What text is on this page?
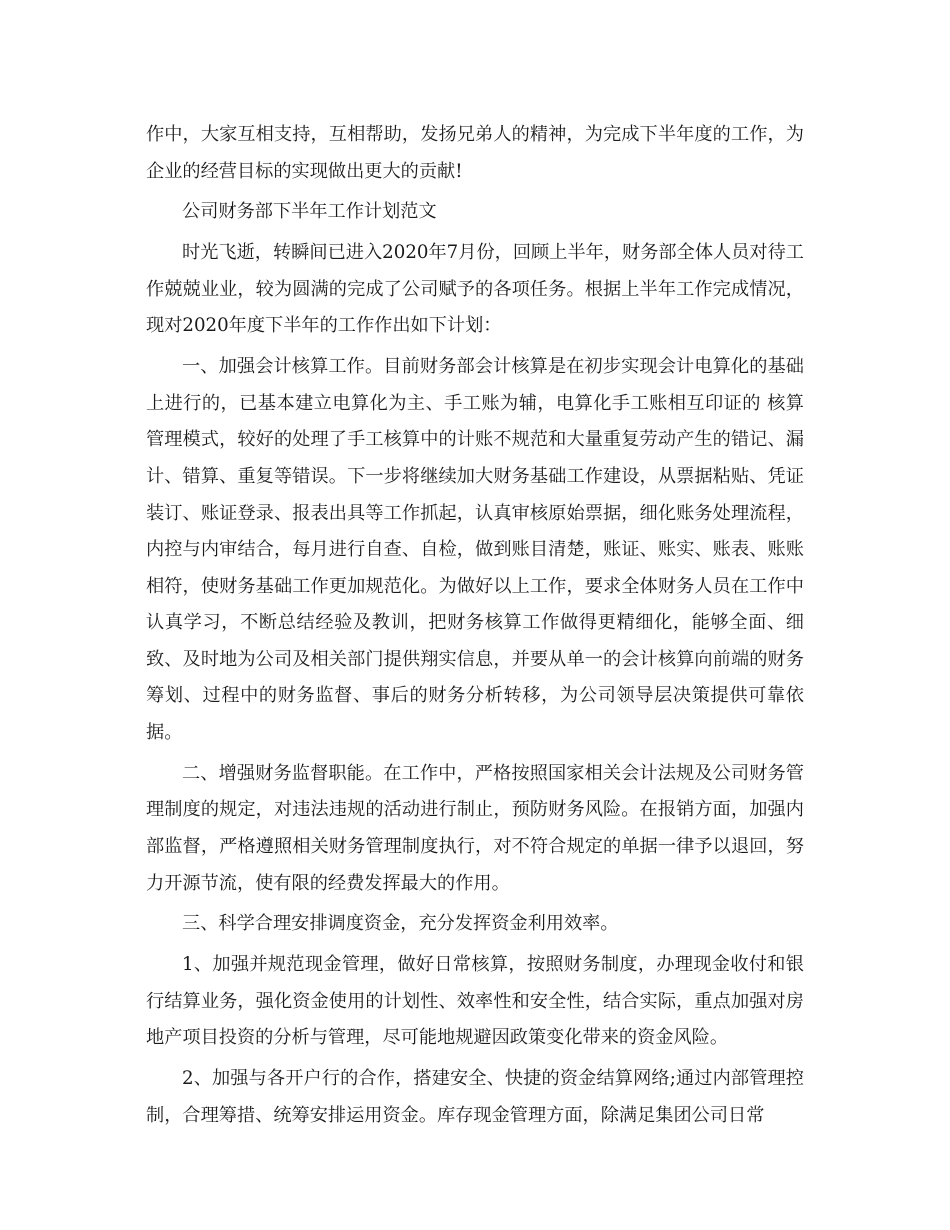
作中，大家互相支持，互相帮助，发扬兄弟人的精神，为完成下半年度的工作，为企业的经营目标的实现做出更大的贡献!

公司财务部下半年工作计划范文

时光飞逝，转瞬间已进入2020年7月份，回顾上半年，财务部全体人员对待工作兢兢业业，较为圆满的完成了公司赋予的各项任务。根据上半年工作完成情况，现对2020年度下半年的工作作出如下计划：

一、加强会计核算工作。目前财务部会计核算是在初步实现会计电算化的基础上进行的，已基本建立电算化为主、手工账为辅，电算化手工账相互印证的 核算管理模式，较好的处理了手工核算中的计账不规范和大量重复劳动产生的错记、漏计、错算、重复等错误。下一步将继续加大财务基础工作建设，从票据粘贴、凭证装订、账证登录、报表出具等工作抓起，认真审核原始票据，细化账务处理流程，内控与内审结合，每月进行自查、自检，做到账目清楚，账证、账实、账表、账账相符，使财务基础工作更加规范化。为做好以上工作，要求全体财务人员在工作中认真学习，不断总结经验及教训，把财务核算工作做得更精细化，能够全面、细致、及时地为公司及相关部门提供翔实信息，并要从单一的会计核算向前端的财务筹划、过程中的财务监督、事后的财务分析转移，为公司领导层决策提供可靠依据。

二、增强财务监督职能。在工作中，严格按照国家相关会计法规及公司财务管理制度的规定，对违法违规的活动进行制止，预防财务风险。在报销方面，加强内部监督，严格遵照相关财务管理制度执行，对不符合规定的单据一律予以退回，努力开源节流，使有限的经费发挥最大的作用。

三、科学合理安排调度资金，充分发挥资金利用效率。

1、加强并规范现金管理，做好日常核算，按照财务制度，办理现金收付和银行结算业务，强化资金使用的计划性、效率性和安全性，结合实际，重点加强对房地产项目投资的分析与管理，尽可能地规避因政策变化带来的资金风险。

2、加强与各开户行的合作，搭建安全、快捷的资金结算网络;通过内部管理控制，合理筹措、统筹安排运用资金。库存现金管理方面，除满足集团公司日常
